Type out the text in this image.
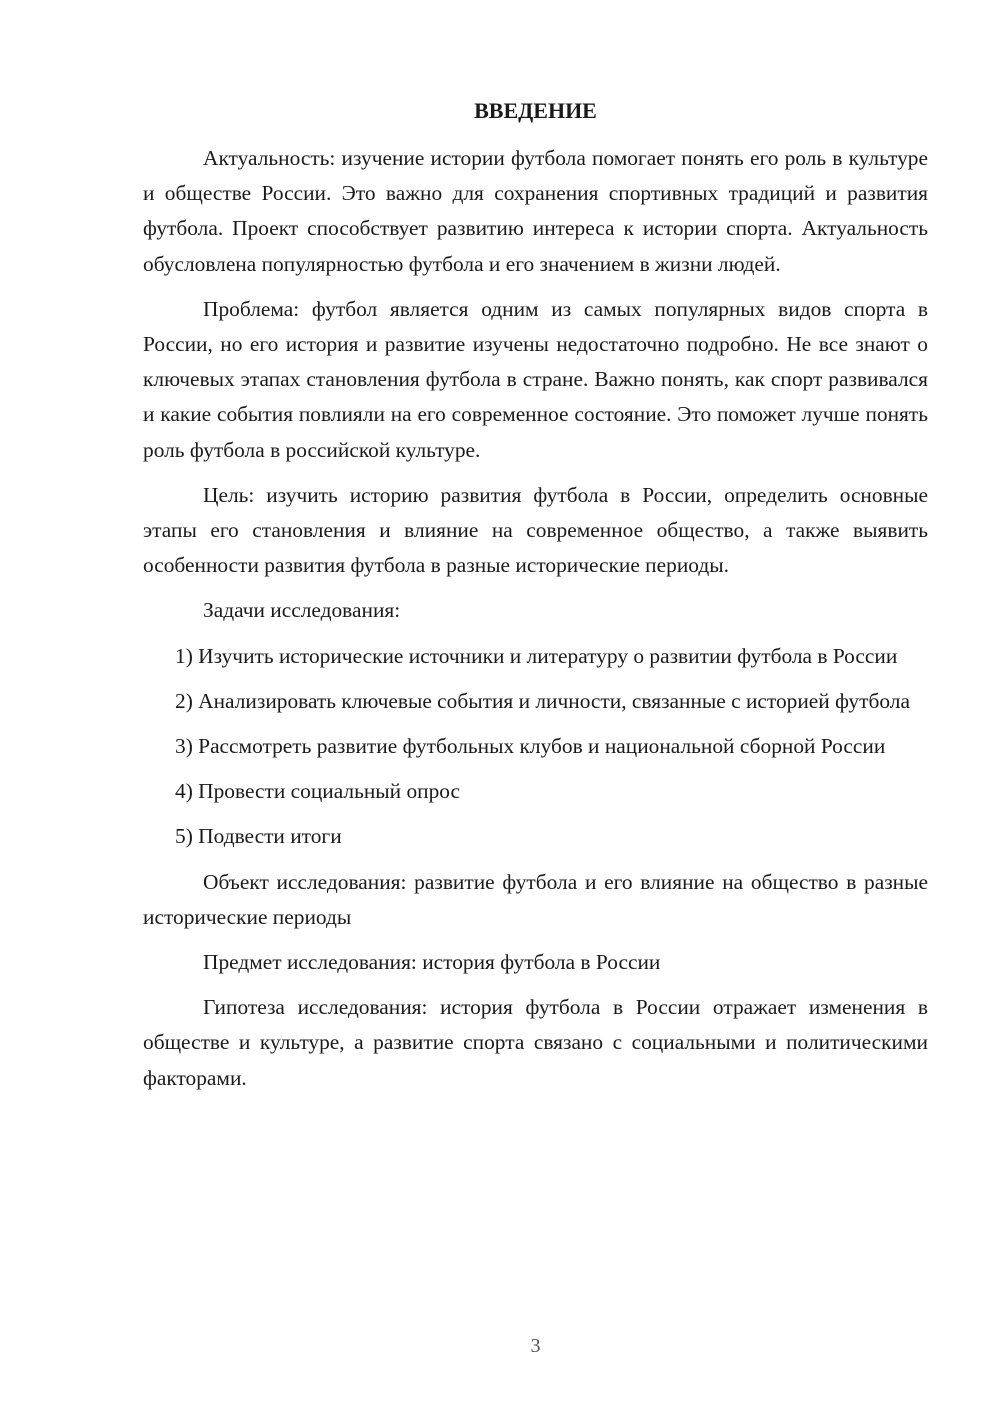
ВВЕДЕНИЕ

Актуальность: изучение истории футбола помогает понять его роль в культуре и обществе России. Это важно для сохранения спортивных традиций и развития футбола. Проект способствует развитию интереса к истории спорта. Актуальность обусловлена популярностью футбола и его значением в жизни людей.

Проблема: футбол является одним из самых популярных видов спорта в России, но его история и развитие изучены недостаточно подробно. Не все знают о ключевых этапах становления футбола в стране. Важно понять, как спорт развивался и какие события повлияли на его современное состояние. Это поможет лучше понять роль футбола в российской культуре.

Цель: изучить историю развития футбола в России, определить основные этапы его становления и влияние на современное общество, а также выявить особенности развития футбола в разные исторические периоды.

Задачи исследования:

1) Изучить исторические источники и литературу о развитии футбола в России

2) Анализировать ключевые события и личности, связанные с историей футбола

3) Рассмотреть развитие футбольных клубов и национальной сборной России

4) Провести социальный опрос

5) Подвести итоги

Объект исследования: развитие футбола и его влияние на общество в разные исторические периоды

Предмет исследования: история футбола в России

Гипотеза исследования: история футбола в России отражает изменения в обществе и культуре, а развитие спорта связано с социальными и политическими факторами.

3
